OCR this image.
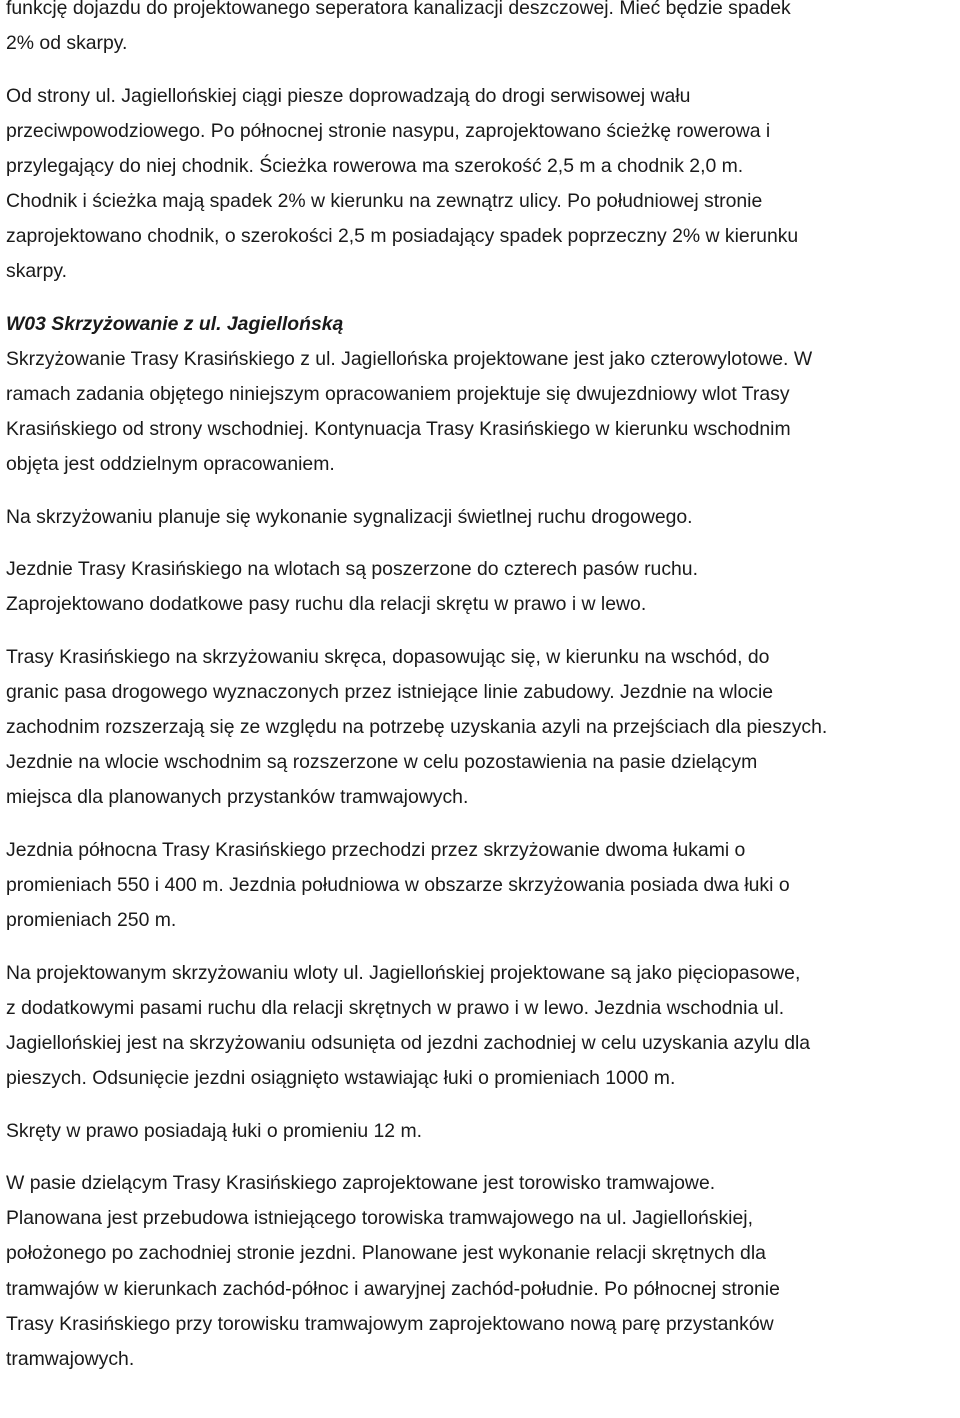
funkcję dojazdu do projektowanego seperatora kanalizacji deszczowej. Mieć będzie spadek
2% od skarpy.
Od strony ul. Jagiellońskiej ciągi piesze doprowadzają do drogi serwisowej wału
przeciwpowodziowego. Po północnej stronie nasypu, zaprojektowano ścieżkę rowerowa i
przylegający do niej chodnik. Ścieżka rowerowa ma szerokość 2,5 m a chodnik 2,0 m.
Chodnik i ścieżka mają spadek 2% w kierunku na zewnątrz ulicy. Po południowej stronie
zaprojektowano chodnik, o szerokości 2,5 m posiadający spadek poprzeczny 2% w kierunku
skarpy.
W03 Skrzyżowanie z ul. Jagiellońską
Skrzyżowanie Trasy Krasińskiego z ul. Jagiellońska projektowane jest jako czterowylotowe. W
ramach zadania objętego niniejszym opracowaniem projektuje się dwujezdniowy wlot Trasy
Krasińskiego od strony wschodniej. Kontynuacja Trasy Krasińskiego w kierunku wschodnim
objęta jest oddzielnym opracowaniem.
Na skrzyżowaniu planuje się wykonanie sygnalizacji świetlnej ruchu drogowego.
Jezdnie Trasy Krasińskiego na wlotach są poszerzone do czterech pasów ruchu.
Zaprojektowano dodatkowe pasy ruchu dla relacji skrętu w prawo i w lewo.
Trasy Krasińskiego na skrzyżowaniu skręca, dopasowując się, w kierunku na wschód, do
granic pasa drogowego wyznaczonych przez istniejące linie zabudowy. Jezdnie na wlocie
zachodnim rozszerzają się ze względu na potrzebę uzyskania azyli na przejściach dla pieszych.
Jezdnie na wlocie wschodnim są rozszerzone w celu pozostawienia na pasie dzielącym
miejsca dla planowanych przystanków tramwajowych.
Jezdnia północna Trasy Krasińskiego przechodzi przez skrzyżowanie dwoma łukami o
promieniach 550 i 400 m. Jezdnia południowa w obszarze skrzyżowania posiada dwa łuki o
promieniach 250 m.
Na projektowanym skrzyżowaniu wloty ul. Jagiellońskiej projektowane są jako pięciopasowe,
z dodatkowymi pasami ruchu dla relacji skrętnych w prawo i w lewo. Jezdnia wschodnia ul.
Jagiellońskiej jest na skrzyżowaniu odsunięta od jezdni zachodniej w celu uzyskania azylu dla
pieszych. Odsunięcie jezdni osiągnięto wstawiając łuki o promieniach 1000 m.
Skręty w prawo posiadają łuki o promieniu 12 m.
W pasie dzielącym Trasy Krasińskiego zaprojektowane jest torowisko tramwajowe.
Planowana jest przebudowa istniejącego torowiska tramwajowego na ul. Jagiellońskiej,
położonego po zachodniej stronie jezdni. Planowane jest wykonanie relacji skrętnych dla
tramwajów w kierunkach zachód-północ i awaryjnej zachód-południe. Po północnej stronie
Trasy Krasińskiego przy torowisku tramwajowym zaprojektowano nową parę przystanków
tramwajowych.
